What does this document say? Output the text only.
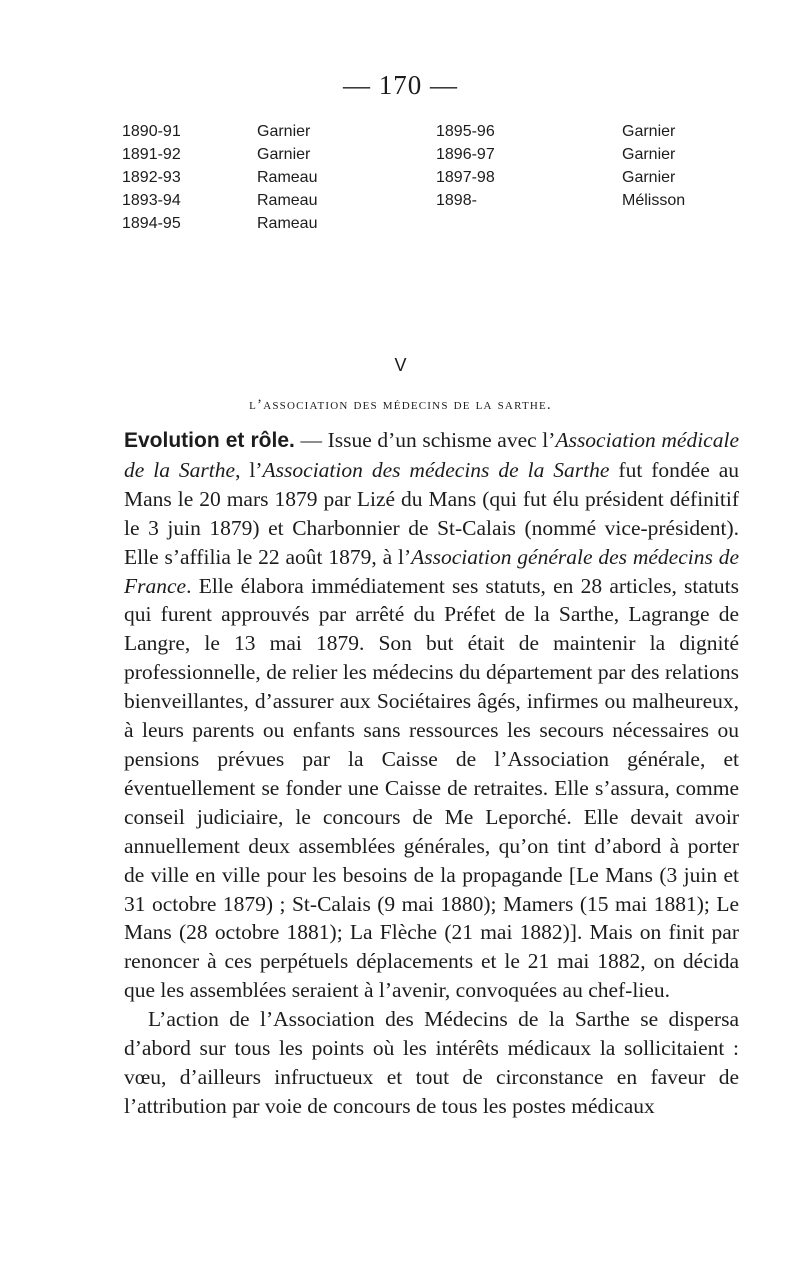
— 170 —
1890-91	Garnier	1895-96	Garnier
1891-92	Garnier	1896-97	Garnier
1892-93	Rameau	1897-98	Garnier
1893-94	Rameau	1898-	Mélisson
1894-95	Rameau
V
l’association des médecins de la sarthe.

Evolution et rôle. — Issue d’un schisme avec l’Association médicale de la Sarthe, l’Association des médecins de la Sarthe fut fondée au Mans le 20 mars 1879 par Lizé du Mans (qui fut élu président définitif le 3 juin 1879) et Charbonnier de St-Calais (nommé vice-président). Elle s’affilia le 22 août 1879, à l’Association générale des médecins de France. Elle élabora immédiatement ses statuts, en 28 articles, statuts qui furent approuvés par arrêté du Préfet de la Sarthe, Lagrange de Langre, le 13 mai 1879. Son but était de maintenir la dignité professionnelle, de relier les médecins du département par des relations bienveillantes, d’assurer aux Sociétaires âgés, infirmes ou malheureux, à leurs parents ou enfants sans ressources les secours nécessaires ou pensions prévues par la Caisse de l’Association générale, et éventuellement se fonder une Caisse de retraites. Elle s’assura, comme conseil judiciaire, le concours de Me Leporché. Elle devait avoir annuellement deux assemblées générales, qu’on tint d’abord à porter de ville en ville pour les besoins de la propagande [Le Mans (3 juin et 31 octobre 1879) ; St-Calais (9 mai 1880); Mamers (15 mai 1881); Le Mans (28 octobre 1881); La Flèche (21 mai 1882)]. Mais on finit par renoncer à ces perpétuels déplacements et le 21 mai 1882, on décida que les assemblées seraient à l’avenir, convoquées au chef-lieu.

L’action de l’Association des Médecins de la Sarthe se dispersa d’abord sur tous les points où les intérêts médicaux la sollicitaient : vœu, d’ailleurs infructueux et tout de circonstance en faveur de l’attribution par voie de concours de tous les postes médicaux
